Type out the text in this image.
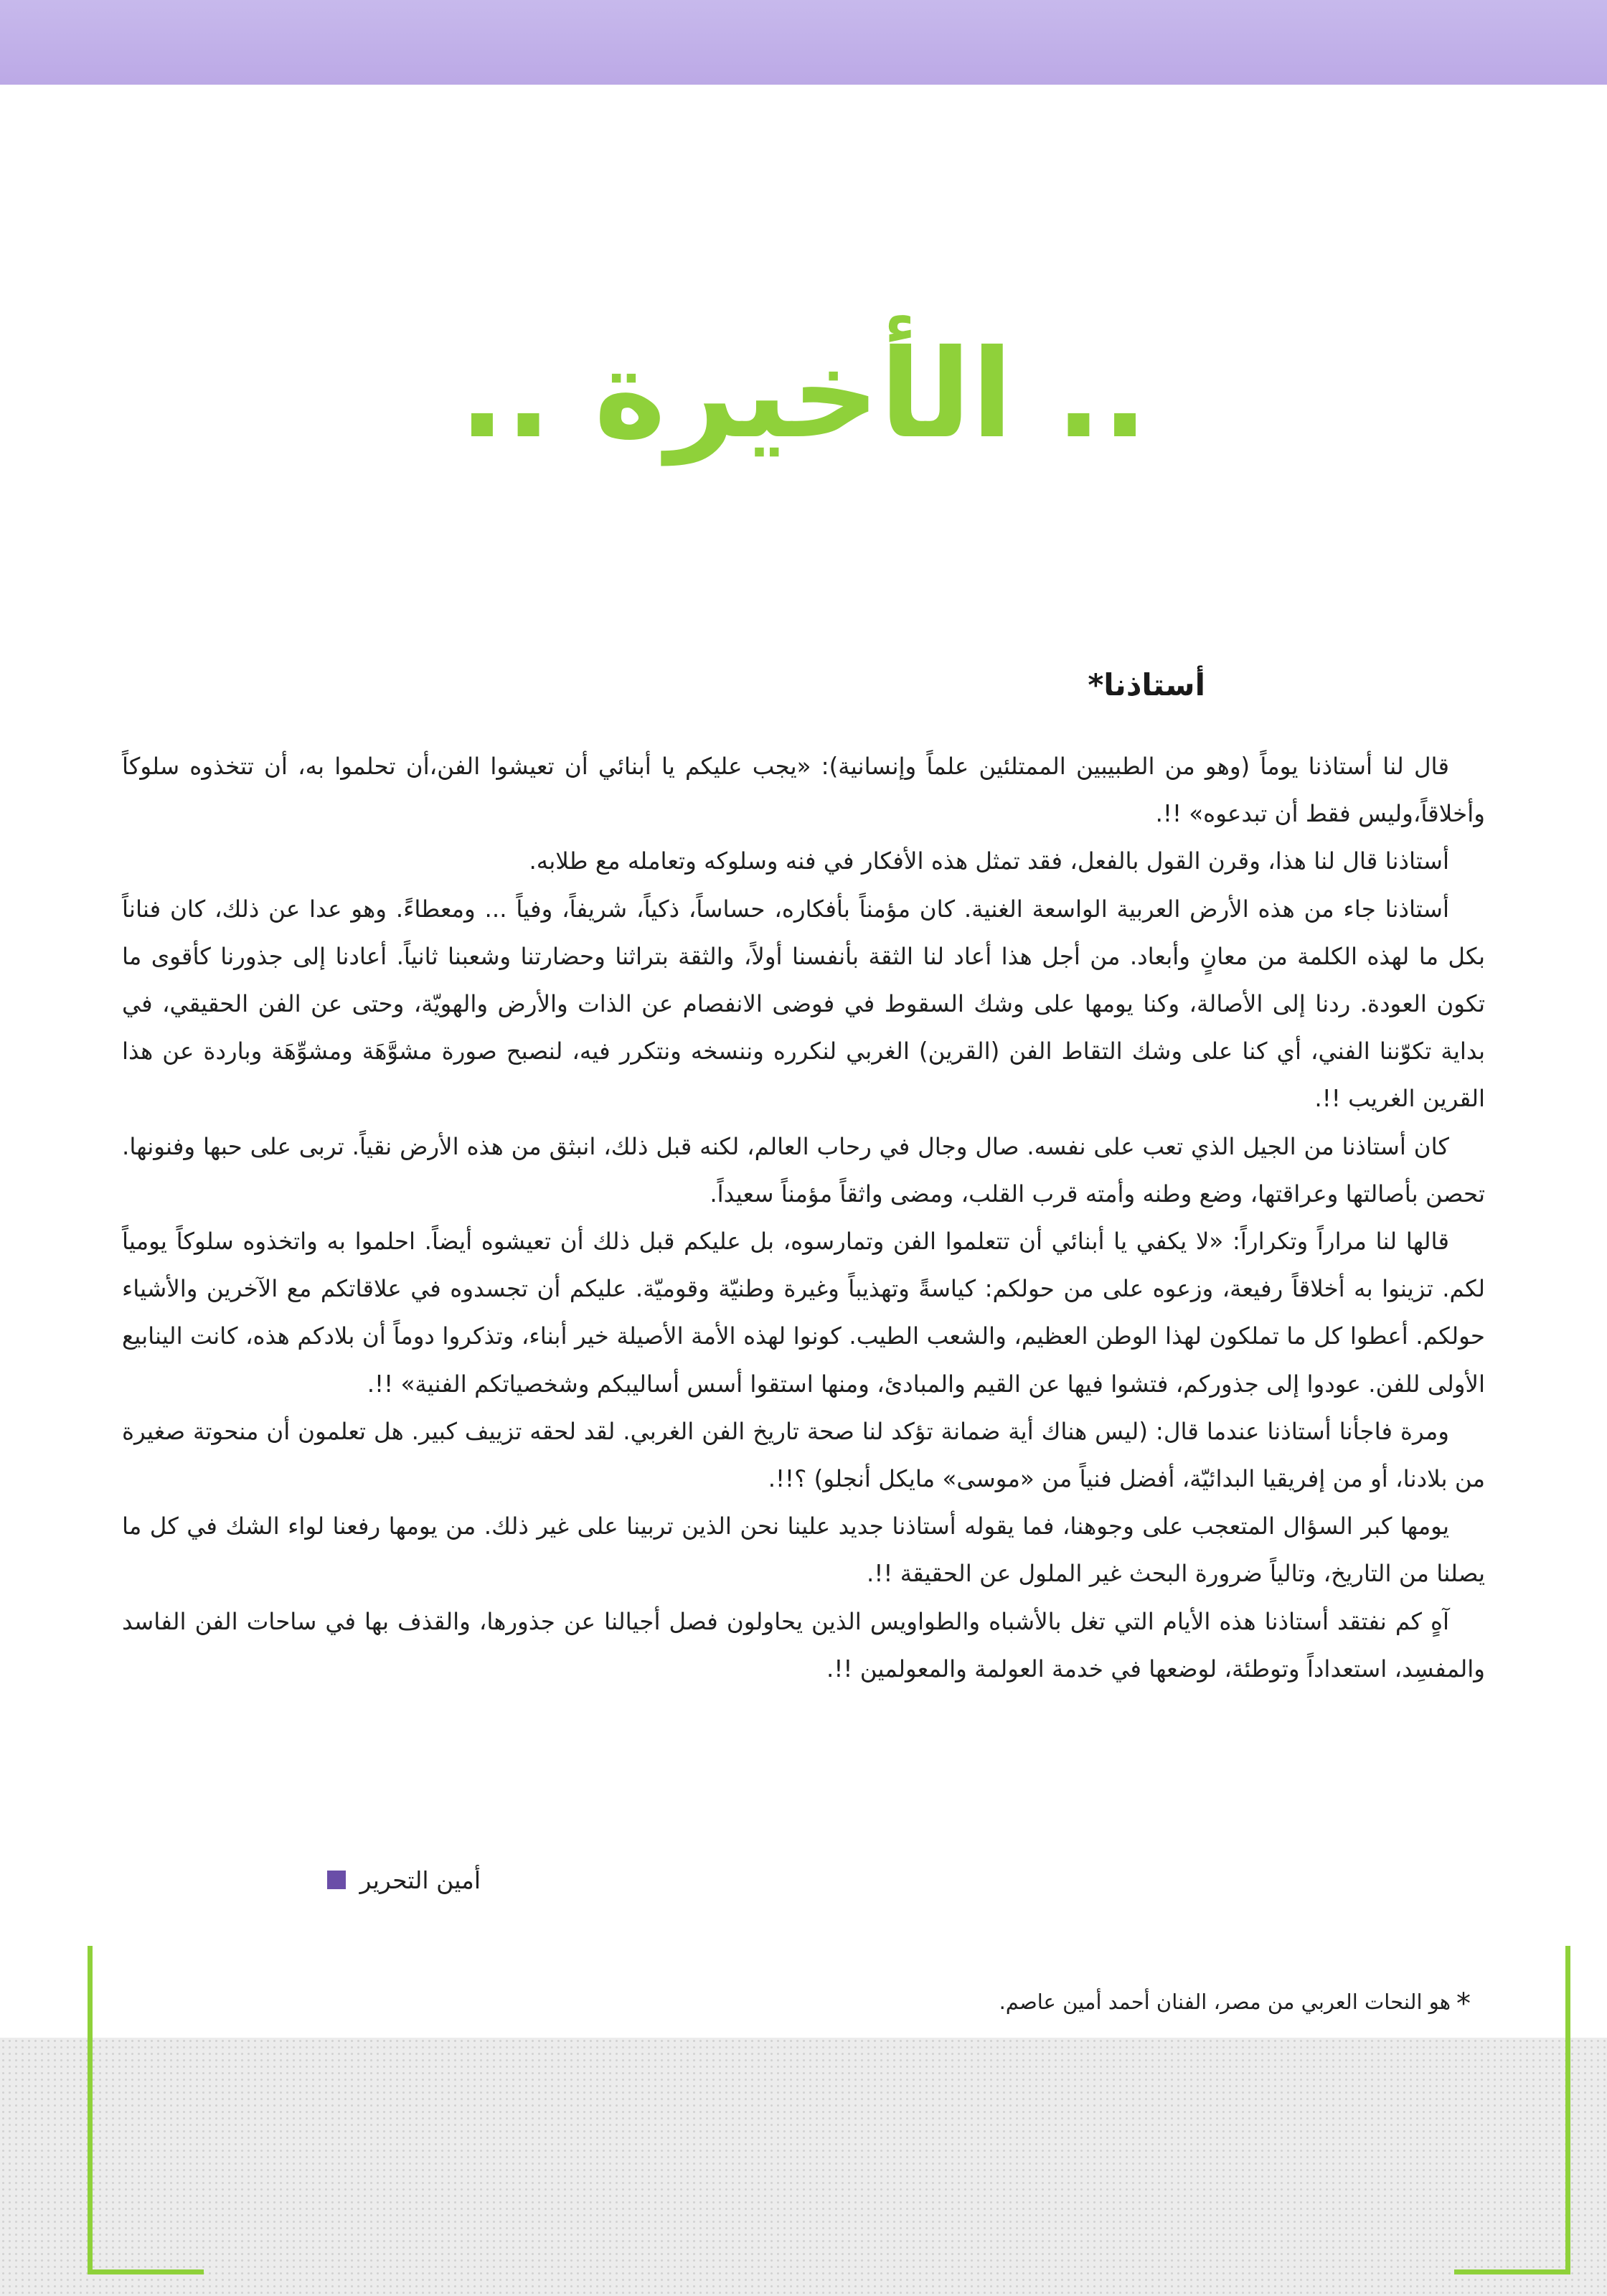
.. الأخيرة ..
أستاذنا*

قال لنا أستاذنا يوماً (وهو من الطبيبين الممتلئين علماً وإنسانية): «يجب عليكم يا أبنائي أن تعيشوا الفن،أن تحلموا به، أن تتخذوه سلوكاً وأخلاقاً،وليس فقط أن تبدعوه» !!.

أستاذنا قال لنا هذا، وقرن القول بالفعل، فقد تمثل هذه الأفكار في فنه وسلوكه وتعامله مع طلابه.

أستاذنا جاء من هذه الأرض العربية الواسعة الغنية. كان مؤمناً بأفكاره، حساساً، ذكياً، شريفاً، وفياً ... ومعطاءً. وهو عدا عن ذلك، كان فناناً بكل ما لهذه الكلمة من معانٍ وأبعاد. من أجل هذا أعاد لنا الثقة بأنفسنا أولاً، والثقة بتراثنا وحضارتنا وشعبنا ثانياً. أعادنا إلى جذورنا كأقوى ما تكون العودة. ردنا إلى الأصالة، وكنا يومها على وشك السقوط في فوضى الانفصام عن الذات والأرض والهويّة، وحتى عن الفن الحقيقي، في بداية تكوّننا الفني، أي كنا على وشك التقاط الفن (القرين) الغربي لنكرره وننسخه ونتكرر فيه، لنصبح صورة مشوَّهَة ومشوِّهَة وباردة عن هذا القرين الغريب !!.

كان أستاذنا من الجيل الذي تعب على نفسه. صال وجال في رحاب العالم، لكنه قبل ذلك، انبثق من هذه الأرض نقياً. تربى على حبها وفنونها. تحصن بأصالتها وعراقتها، وضع وطنه وأمته قرب القلب، ومضى واثقاً مؤمناً سعيداً.

قالها لنا مراراً وتكراراً: «لا يكفي يا أبنائي أن تتعلموا الفن وتمارسوه، بل عليكم قبل ذلك أن تعيشوه أيضاً. احلموا به واتخذوه سلوكاً يومياً لكم. تزينوا به أخلاقاً رفيعة، وزعوه على من حولكم: كياسةً وتهذيباً وغيرة وطنيّة وقوميّة. عليكم أن تجسدوه في علاقاتكم مع الآخرين والأشياء حولكم. أعطوا كل ما تملكون لهذا الوطن العظيم، والشعب الطيب. كونوا لهذه الأمة الأصيلة خير أبناء، وتذكروا دوماً أن بلادكم هذه، كانت الينابيع الأولى للفن. عودوا إلى جذوركم، فتشوا فيها عن القيم والمبادئ، ومنها استقوا أسس أساليبكم وشخصياتكم الفنية» !!.

ومرة فاجأنا أستاذنا عندما قال: (ليس هناك أية ضمانة تؤكد لنا صحة تاريخ الفن الغربي. لقد لحقه تزييف كبير. هل تعلمون أن منحوتة صغيرة من بلادنا، أو من إفريقيا البدائيّة، أفضل فنياً من «موسى» مايكل أنجلو) ؟!!.

يومها كبر السؤال المتعجب على وجوهنا، فما يقوله أستاذنا جديد علينا نحن الذين تربينا على غير ذلك. من يومها رفعنا لواء الشك في كل ما يصلنا من التاريخ، وتالياً ضرورة البحث غير الملول عن الحقيقة !!.

آهٍ كم نفتقد أستاذنا هذه الأيام التي تغل بالأشباه والطواويس الذين يحاولون فصل أجيالنا عن جذورها، والقذف بها في ساحات الفن الفاسد والمفسِد، استعداداً وتوطئة، لوضعها في خدمة العولمة والمعولمين !!.

أمين التحرير
*هو النحات العربي من مصر، الفنان أحمد أمين عاصم.
